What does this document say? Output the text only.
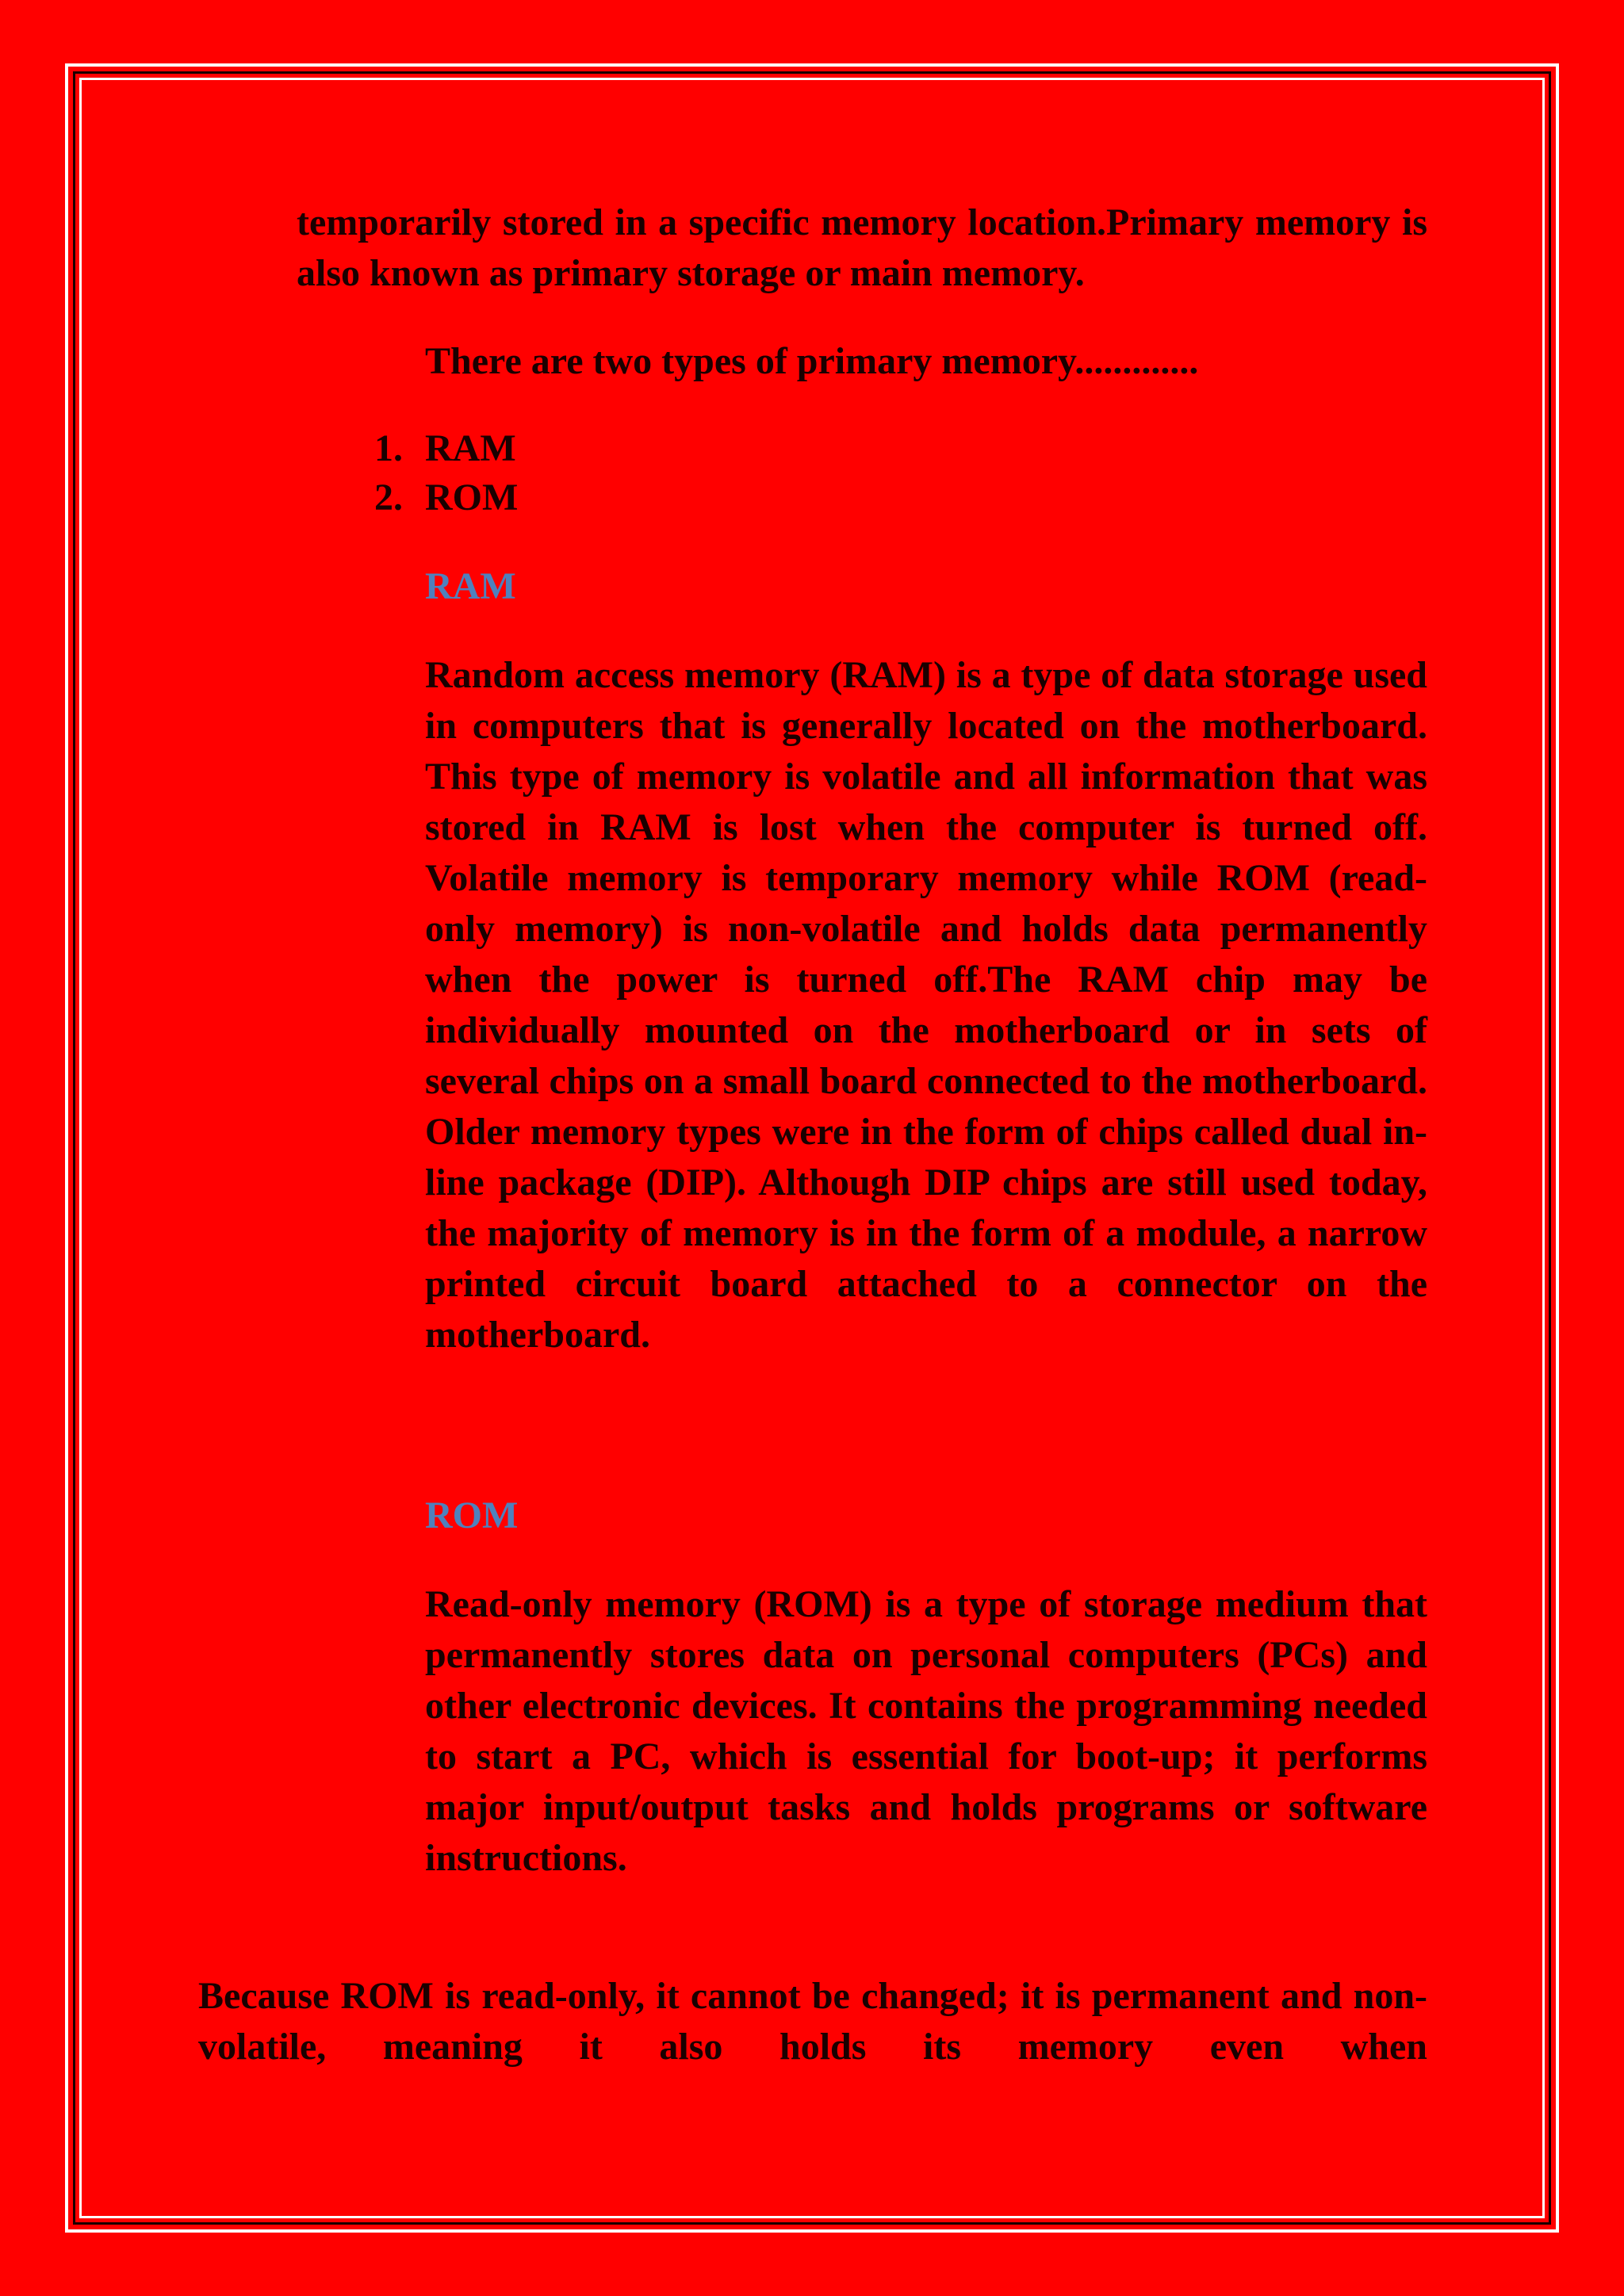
temporarily stored in a specific memory location.Primary memory is also known as primary storage or main memory.

There are two types of primary memory.............

1. RAM
2. ROM
RAM

Random access memory (RAM) is a type of data storage used in computers that is generally located on the motherboard. This type of memory is volatile and all information that was stored in RAM is lost when the computer is turned off. Volatile memory is temporary memory while ROM (read-only memory) is non-volatile and holds data permanently when the power is turned off.The RAM chip may be individually mounted on the motherboard or in sets of several chips on a small board connected to the motherboard. Older memory types were in the form of chips called dual in-line package (DIP). Although DIP chips are still used today, the majority of memory is in the form of a module, a narrow printed circuit board attached to a connector on the motherboard.

ROM

Read-only memory (ROM) is a type of storage medium that permanently stores data on personal computers (PCs) and other electronic devices. It contains the programming needed to start a PC, which is essential for boot-up; it performs major input/output tasks and holds programs or software instructions.

Because ROM is read-only, it cannot be changed; it is permanent and non-volatile, meaning it also holds its memory even when
